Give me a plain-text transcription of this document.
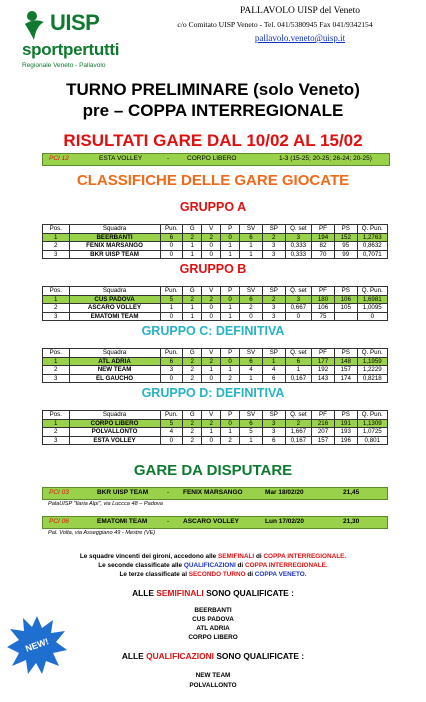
UISP
sportpertutti
Regionale Veneto - Pallavolo
PALLAVOLO UISP del Veneto
c/o Comitato UISP Veneto - Tel. 041/5380945 Fax 041/9342154
pallavolo.veneto@uisp.it
TURNO PRELIMINARE (solo Veneto)
pre – COPPA INTERREGIONALE
RISULTATI GARE DAL 10/02 AL 15/02
PCI 12	ESTA VOLLEY	-	CORPO LIBERO	1-3 (15-25; 20-25; 26-24; 20-25)
CLASSIFICHE DELLE GARE GIOCATE
GRUPPO A
Pos.	Squadra	Pun.	G	V	P	SV	SP	Q. set	PF	PS	Q. Pun.
1	BEERBANTI	6	2	2	0	6	2	3	194	152	1,2763
2	FENIX MARSANGO	0	1	0	1	1	3	0,333	82	95	0,8632
3	BKR UISP TEAM	0	1	0	1	1	3	0,333	70	99	0,7071
GRUPPO B
Pos.	Squadra	Pun.	G	V	P	SV	SP	Q. set	PF	PS	Q. Pun.
1	CUS PADOVA	5	2	2	0	6	2	3	180	106	1,6981
2	ASCARO VOLLEY	1	1	0	1	2	3	0,667	106	105	1,0095
3	EMATOMI TEAM	0	1	0	1	0	3	0	75		0
GRUPPO C: DEFINITIVA
Pos.	Squadra	Pun.	G	V	P	SV	SP	Q. set	PF	PS	Q. Pun.
1	ATL ADRIA	6	2	2	0	6	1	6	177	148	1,1959
2	NEW TEAM	3	2	1	1	4	4	1	192	157	1,2229
3	EL GAUCHO	0	2	0	2	1	6	0,167	143	174	0,8218
GRUPPO D: DEFINITIVA
Pos.	Squadra	Pun.	G	V	P	SV	SP	Q. set	PF	PS	Q. Pun.
1	CORPO LIBERO	5	2	2	0	6	3	2	216	191	1,1309
2	POLVALLONTO	4	2	1	1	5	3	1,667	207	193	1,0725
3	ESTA VOLLEY	0	2	0	2	1	6	0,167	157	196	0,801
GARE DA DISPUTARE
PCI 03	BKR UISP TEAM	- FENIX MARSANGO	Mar 18/02/20	21,45
PalaUISP "Ilaria Alpi", via Luccca 48 – Padova
PCI 06	EMATOMI TEAM	- ASCARO VOLLEY	Lun 17/02/20	21,30
Pal. Volta, via Asseggiano 49 - Mestre (VE)
Le squadre vincenti dei gironi, accedono alle SEMIFINALI di COPPA INTERREGIONALE.
Le seconde classificate alle QUALIFICAZIONI di COPPA INTERREGIONALE.
Le terze classificate al SECONDO TURNO di COPPA VENETO.
ALLE SEMIFINALI SONO QUALIFICATE :
BEERBANTI
CUS PADOVA
ATL ADRIA
CORPO LIBERO
ALLE QUALIFICAZIONI SONO QUALIFICATE :
NEW TEAM
POLVALLONTO
NEW!
